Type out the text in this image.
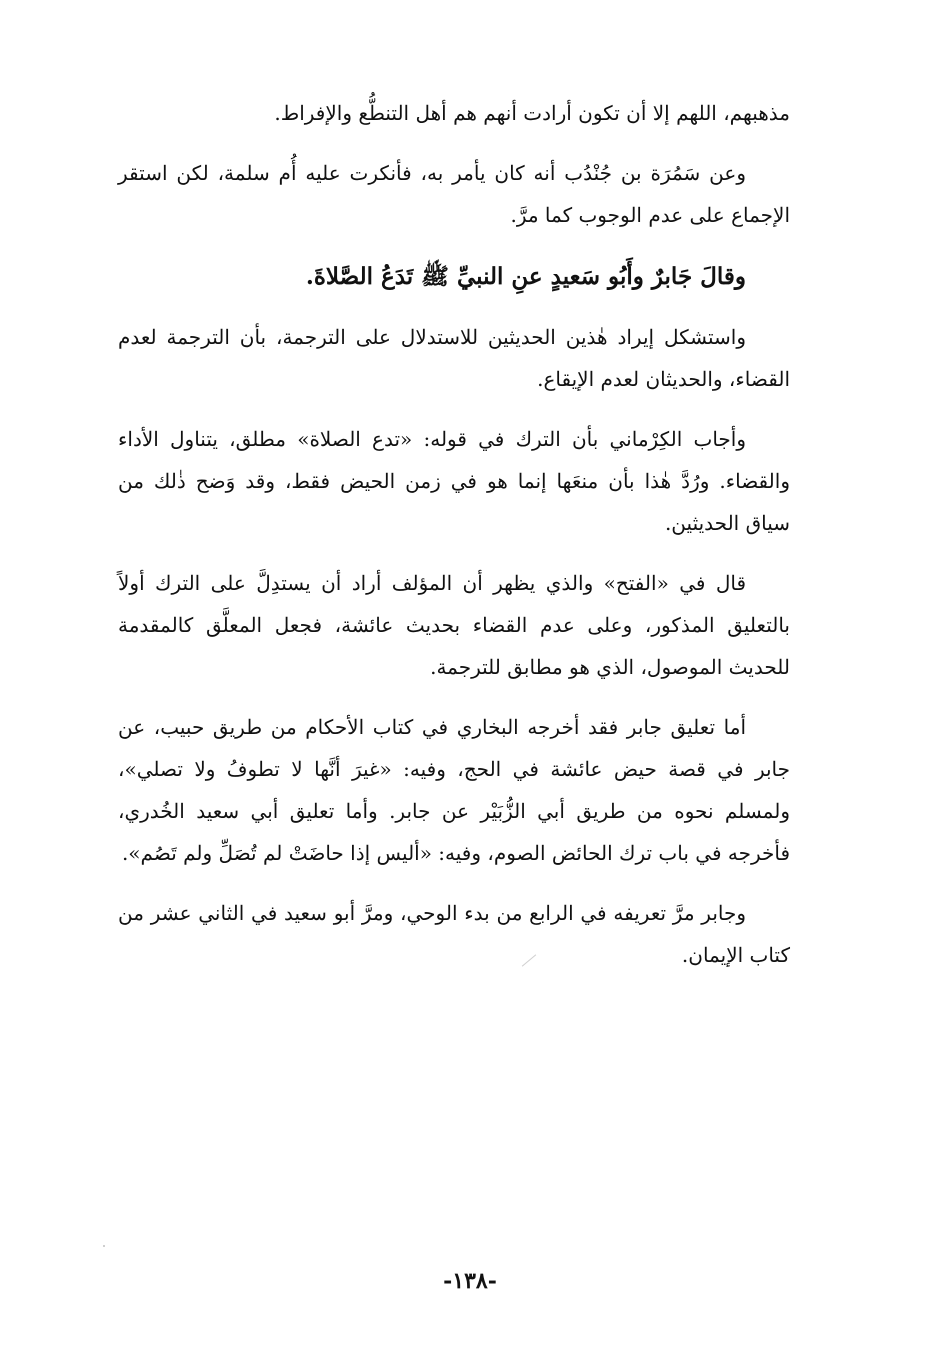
مذهبهم، اللهم إلا أن تكون أرادت أنهم هم أهل التنطُّع والإفراط.

وعن سَمُرَة بن جُنْدُب أنه كان يأمر به، فأنكرت عليه أُم سلمة، لكن استقر الإجماع على عدم الوجوب كما مرَّ.

وقالَ جَابرٌ وأَبُو سَعيدٍ عنِ النبيِّ ﷺ تَدَعُ الصَّلاةَ.

واستشكل إيراد هٰذين الحديثين للاستدلال على الترجمة، بأن الترجمة لعدم القضاء، والحديثان لعدم الإيقاع.

وأجاب الكِرْماني بأن الترك في قوله: «تدع الصلاة» مطلق، يتناول الأداء والقضاء. ورُدَّ هٰذا بأن منعَها إنما هو في زمن الحيض فقط، وقد وَضح ذٰلك من سياق الحديثين.

قال في «الفتح» والذي يظهر أن المؤلف أراد أن يستدِلَّ على الترك أولاً بالتعليق المذكور، وعلى عدم القضاء بحديث عائشة، فجعل المعلَّق كالمقدمة للحديث الموصول، الذي هو مطابق للترجمة.

أما تعليق جابر فقد أخرجه البخاري في كتاب الأحكام من طريق حبيب، عن جابر في قصة حيض عائشة في الحج، وفيه: «غيرَ أنَّها لا تطوفُ ولا تصلي»، ولمسلم نحوه من طريق أبي الزُّبَيْر عن جابر. وأما تعليق أبي سعيد الخُدري، فأخرجه في باب ترك الحائض الصوم، وفيه: «أليس إذا حاضَتْ لم تُصَلِّ ولم تَصُم».

وجابر مرَّ تعريفه في الرابع من بدء الوحي، ومرَّ أبو سعيد في الثاني عشر من كتاب الإيمان.

-١٣٨-
